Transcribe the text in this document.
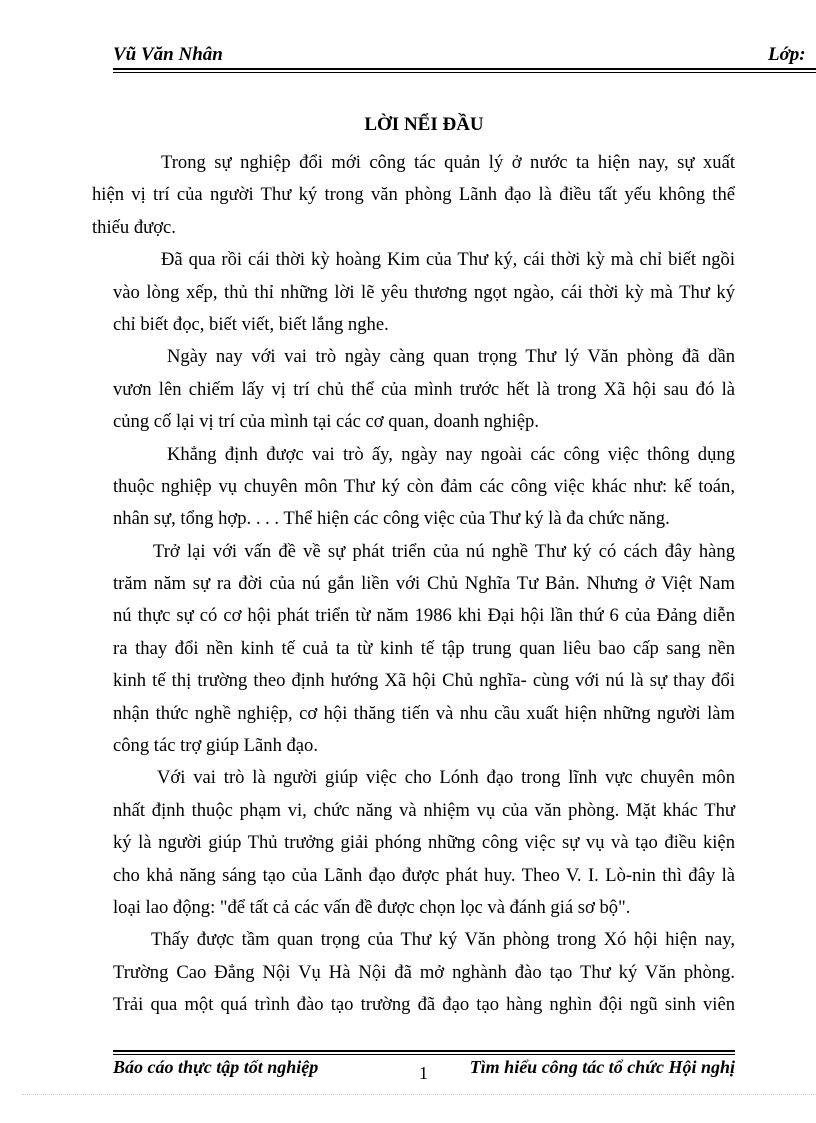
Vũ Văn Nhân	Lớp:
LỜI NỂI ĐẦU
Trong sự nghiệp đổi mới công tác quản lý ở nước ta hiện nay, sự xuất
hiện vị trí của người Thư ký trong văn phòng Lãnh đạo là điều tất yếu không thể
thiếu được.
Đã qua rồi cái thời kỳ hoàng Kim của Thư ký, cái thời kỳ mà chỉ biết ngồi
vào lòng xếp, thủ thỉ những lời lẽ yêu thương ngọt ngào, cái thời kỳ mà Thư ký
chỉ biết đọc, biết viết, biết lắng nghe.
Ngày nay với vai trò ngày càng quan trọng Thư lý Văn phòng đã dần
vươn lên chiếm lấy vị trí chủ thể của mình trước hết là trong Xã hội sau đó là
củng cố lại vị trí của mình tại các cơ quan, doanh nghiệp.
Khẳng định được vai trò ấy, ngày nay ngoài các công việc thông dụng
thuộc nghiệp vụ chuyên môn Thư ký còn đảm các công việc khác như: kế toán,
nhân sự, tổng hợp. . . . Thể hiện các công việc của Thư ký là đa chức năng.
Trở lại với vấn đề về sự phát triển của nú nghề Thư ký có cách đây hàng
trăm năm sự ra đời của nú gắn liền với Chủ Nghĩa Tư Bản. Nhưng ở Việt Nam
nú thực sự có cơ hội phát triển từ năm 1986 khi Đại hội lần thứ 6 của Đảng diễn
ra thay đổi nền kinh tế cuả ta từ kinh tế tập trung quan liêu bao cấp sang nền
kinh tế thị trường theo định hướng Xã hội Chủ nghĩa- cùng với nú là sự thay đổi
nhận thức nghề nghiệp, cơ hội thăng tiến và nhu cầu xuất hiện những người làm
công tác trợ giúp Lãnh đạo.
Với vai trò là người giúp việc cho Lónh đạo trong lĩnh vực chuyên môn
nhất định thuộc phạm vi, chức năng và nhiệm vụ của văn phòng. Mặt khác Thư
ký là người giúp Thủ trưởng giải phóng những công việc sự vụ và tạo điều kiện
cho khả năng sáng tạo của Lãnh đạo được phát huy. Theo V. I. Lò-nin thì đây là
loại lao động: "để tất cả các vấn đề được chọn lọc và đánh giá sơ bộ".
Thấy được tầm quan trọng của Thư ký Văn phòng trong Xó hội hiện nay,
Trường Cao Đẳng Nội Vụ Hà Nội đã mở nghành đào tạo Thư ký Văn phòng.
Trải qua một quá trình đào tạo trường đã đạo tạo hàng nghìn đội ngũ sinh viên
Báo cáo thực tập tốt nghiệp	1	Tìm hiểu công tác tổ chức Hội nghị
